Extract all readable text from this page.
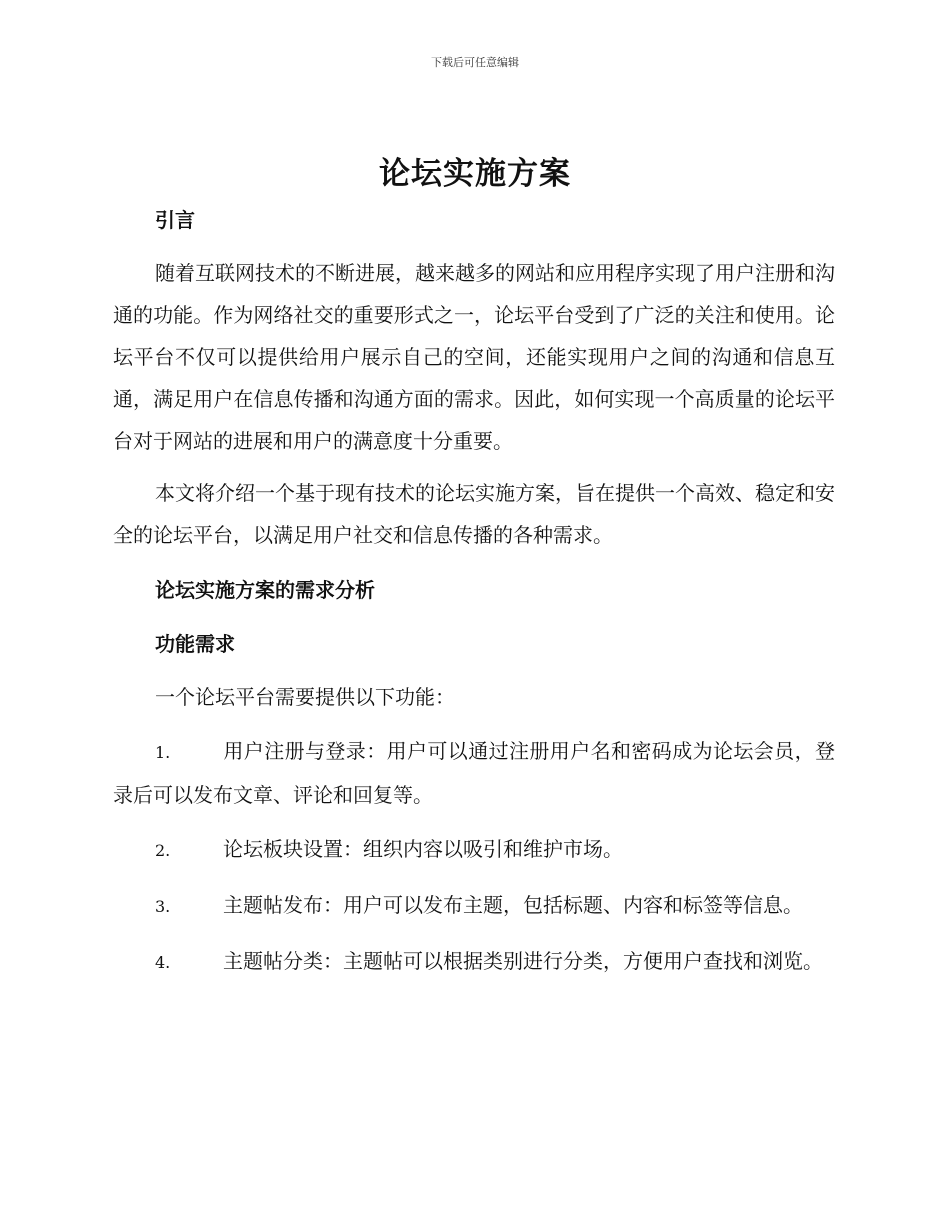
下载后可任意编辑
论坛实施方案

引言

随着互联网技术的不断进展，越来越多的网站和应用程序实现了用户注册和沟通的功能。作为网络社交的重要形式之一，论坛平台受到了广泛的关注和使用。论坛平台不仅可以提供给用户展示自己的空间，还能实现用户之间的沟通和信息互通，满足用户在信息传播和沟通方面的需求。因此，如何实现一个高质量的论坛平台对于网站的进展和用户的满意度十分重要。

本文将介绍一个基于现有技术的论坛实施方案，旨在提供一个高效、稳定和安全的论坛平台，以满足用户社交和信息传播的各种需求。

论坛实施方案的需求分析

功能需求

一个论坛平台需要提供以下功能：

1.	用户注册与登录：用户可以通过注册用户名和密码成为论坛会员，登录后可以发布文章、评论和回复等。

2.	论坛板块设置：组织内容以吸引和维护市场。

3.	主题帖发布：用户可以发布主题，包括标题、内容和标签等信息。

4.	主题帖分类：主题帖可以根据类别进行分类，方便用户查找和浏览。
